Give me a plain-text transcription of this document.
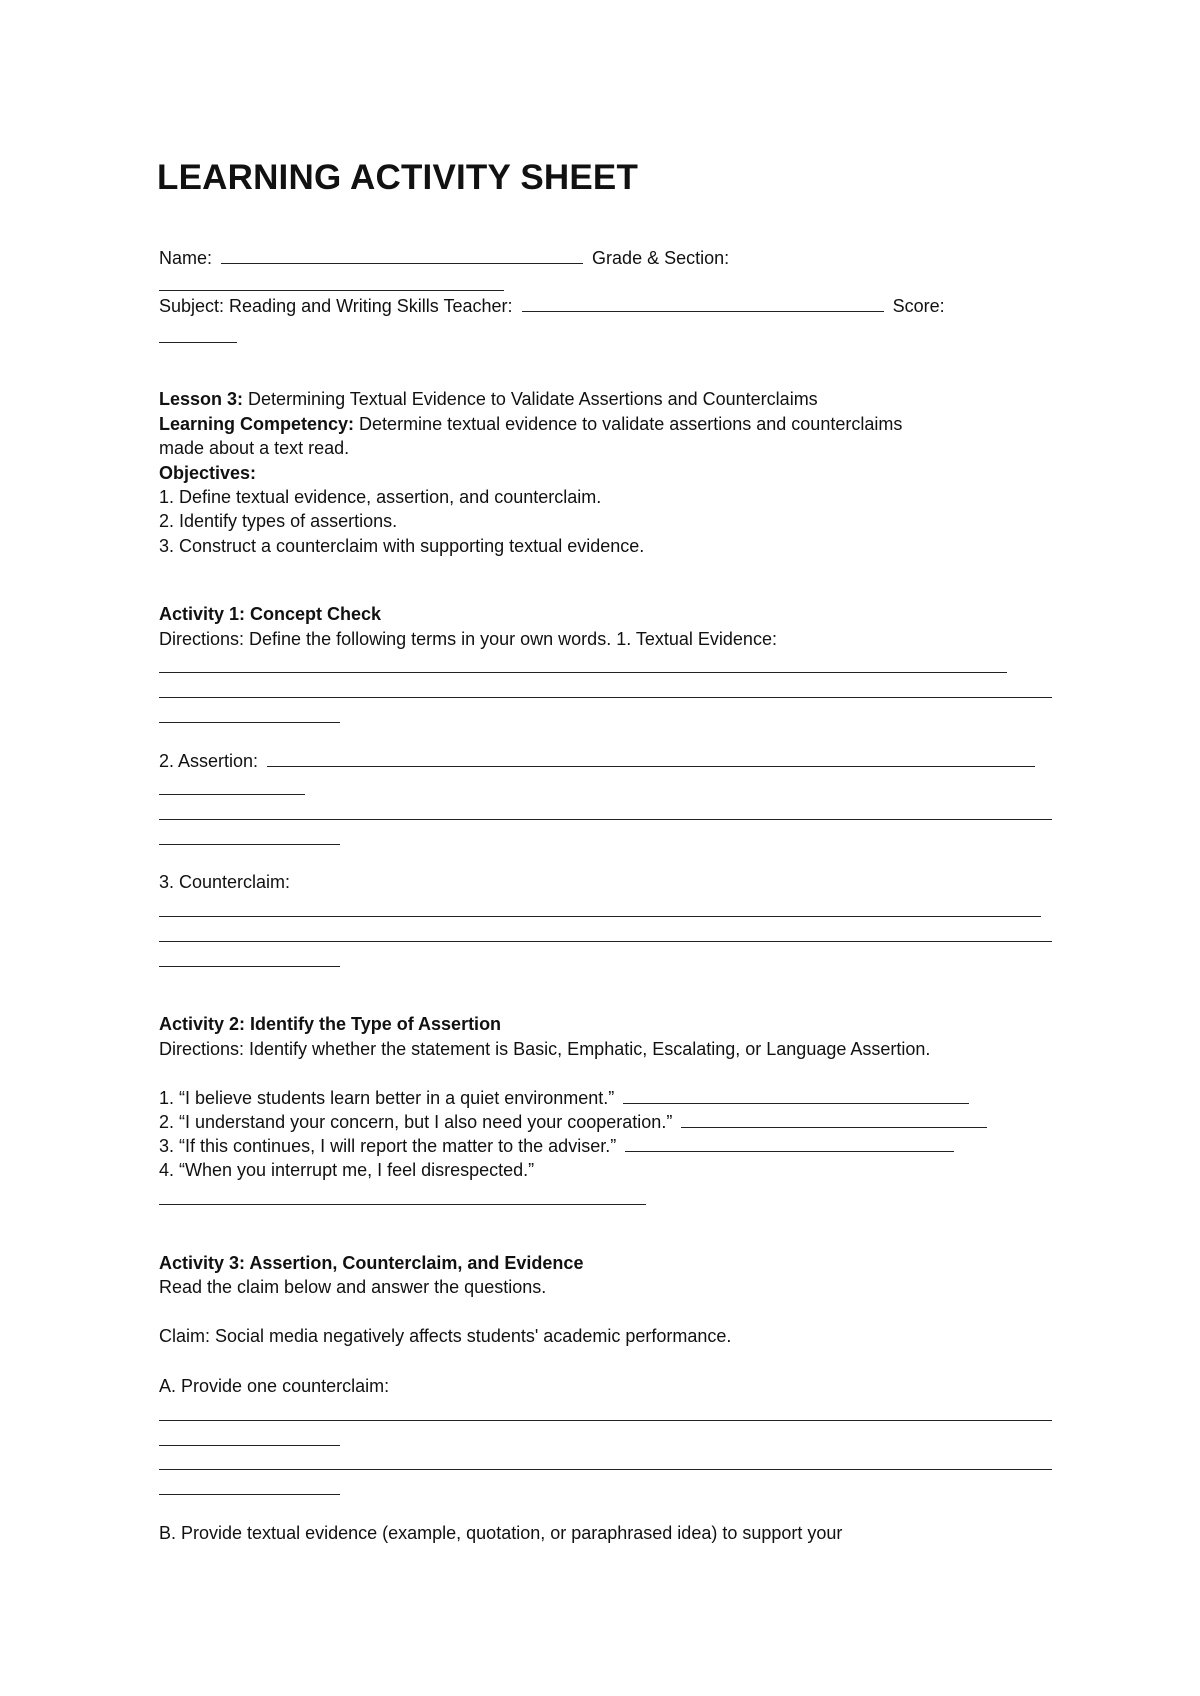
LEARNING ACTIVITY SHEET
Name:	Grade & Section:
Subject: Reading and Writing Skills Teacher:	Score:
Lesson 3: Determining Textual Evidence to Validate Assertions and Counterclaims
Learning Competency: Determine textual evidence to validate assertions and counterclaims
made about a text read.
Objectives:
1. Define textual evidence, assertion, and counterclaim.
2. Identify types of assertions.
3. Construct a counterclaim with supporting textual evidence.
Activity 1: Concept Check
Directions: Define the following terms in your own words. 1. Textual Evidence:
2. Assertion:
3. Counterclaim:
Activity 2: Identify the Type of Assertion
Directions: Identify whether the statement is Basic, Emphatic, Escalating, or Language Assertion.
1. “I believe students learn better in a quiet environment.”
2. “I understand your concern, but I also need your cooperation.”
3. “If this continues, I will report the matter to the adviser.”
4. “When you interrupt me, I feel disrespected.”
Activity 3: Assertion, Counterclaim, and Evidence
Read the claim below and answer the questions.
Claim: Social media negatively affects students' academic performance.
A. Provide one counterclaim:
B. Provide textual evidence (example, quotation, or paraphrased idea) to support your
